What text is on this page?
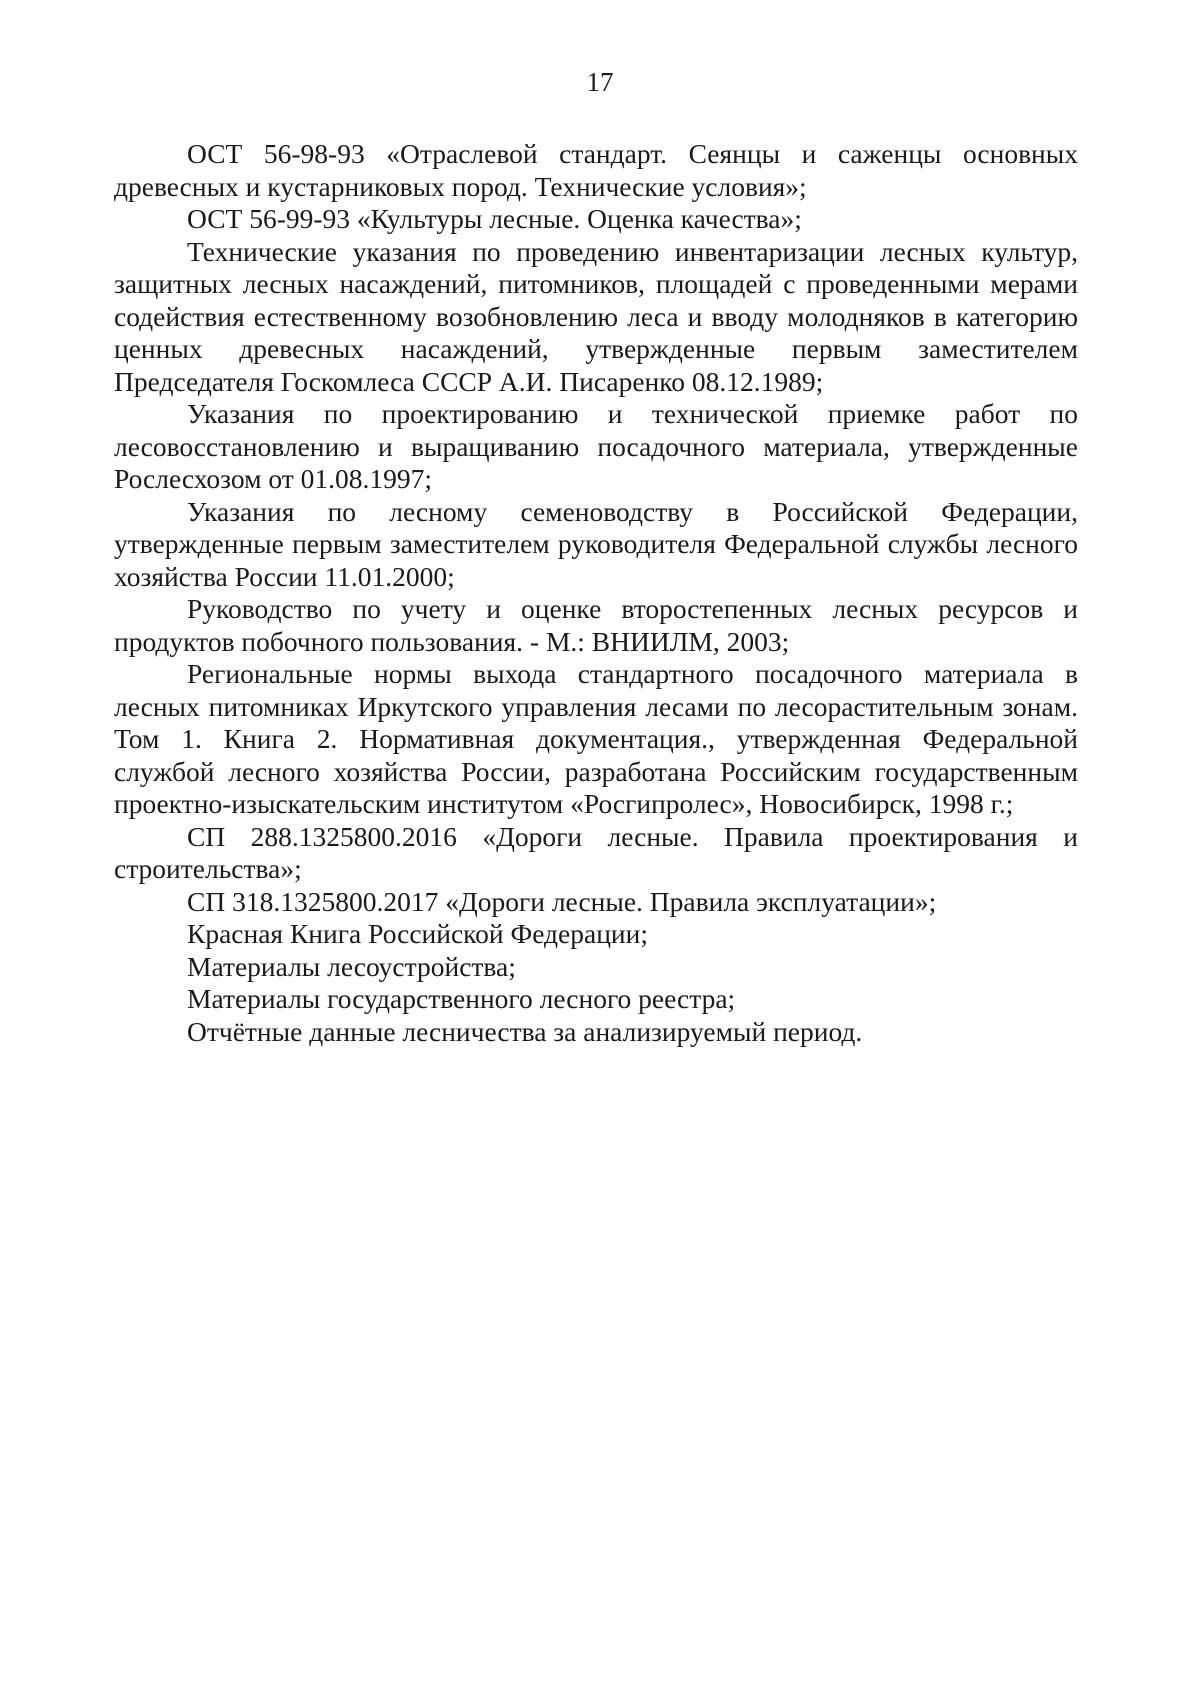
17

ОСТ 56-98-93 «Отраслевой стандарт. Сеянцы и саженцы основных древесных и кустарниковых пород. Технические условия»;

ОСТ 56-99-93 «Культуры лесные. Оценка качества»;

Технические указания по проведению инвентаризации лесных культур, защитных лесных насаждений, питомников, площадей с проведенными мерами содействия естественному возобновлению леса и вводу молодняков в категорию ценных древесных насаждений, утвержденные первым заместителем Председателя Госкомлеса СССР А.И. Писаренко 08.12.1989;

Указания по проектированию и технической приемке работ по лесовосстановлению и выращиванию посадочного материала, утвержденные Рослесхозом от 01.08.1997;

Указания по лесному семеноводству в Российской Федерации, утвержденные первым заместителем руководителя Федеральной службы лесного хозяйства России 11.01.2000;

Руководство по учету и оценке второстепенных лесных ресурсов и продуктов побочного пользования. - М.: ВНИИЛМ, 2003;

Региональные нормы выхода стандартного посадочного материала в лесных питомниках Иркутского управления лесами по лесорастительным зонам. Том 1. Книга 2. Нормативная документация., утвержденная Федеральной службой лесного хозяйства России, разработана Российским государственным проектно-изыскательским институтом «Росгипролес», Новосибирск, 1998 г.;

СП 288.1325800.2016 «Дороги лесные. Правила проектирования и строительства»;

СП 318.1325800.2017 «Дороги лесные. Правила эксплуатации»;

Красная Книга Российской Федерации;

Материалы лесоустройства;

Материалы государственного лесного реестра;

Отчётные данные лесничества за анализируемый период.
